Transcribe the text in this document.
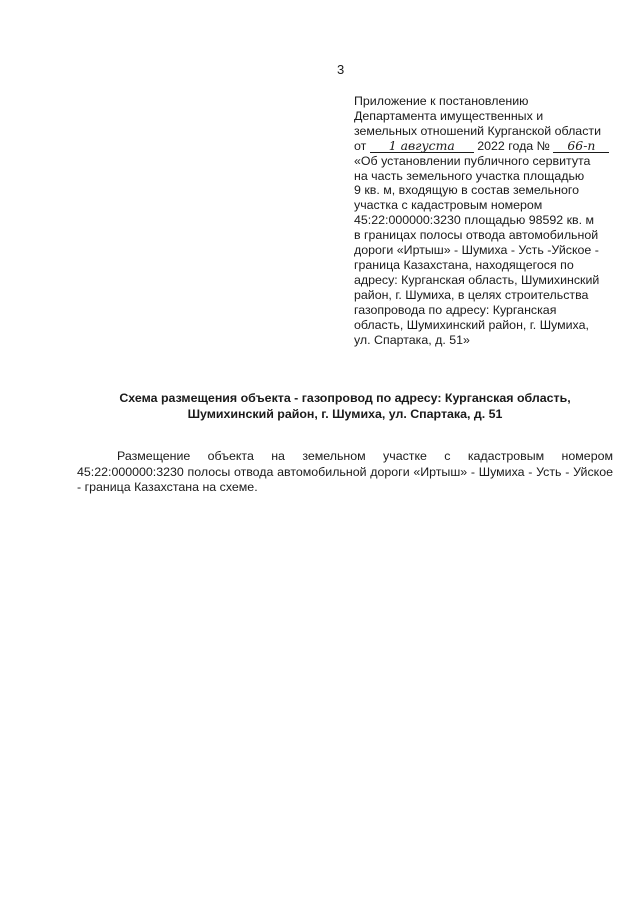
3
Приложение к постановлению
Департамента имущественных и
земельных отношений Курганской области
от 1 августа 2022 года № 66-п
«Об установлении публичного сервитута
на часть земельного участка площадью
9 кв. м, входящую в состав земельного
участка с кадастровым номером
45:22:000000:3230 площадью 98592 кв. м
в границах полосы отвода автомобильной
дороги «Иртыш» - Шумиха - Усть -Уйское -
граница Казахстана, находящегося по
адресу: Курганская область, Шумихинский
район, г. Шумиха, в целях строительства
газопровода по адресу: Курганская
область, Шумихинский район, г. Шумиха,
ул. Спартака, д. 51»
Схема размещения объекта - газопровод по адресу: Курганская область,
Шумихинский район, г. Шумиха, ул. Спартака, д. 51

Размещение объекта на земельном участке с кадастровым номером 45:22:000000:3230 полосы отвода автомобильной дороги «Иртыш» - Шумиха - Усть - Уйское - граница Казахстана на схеме.
